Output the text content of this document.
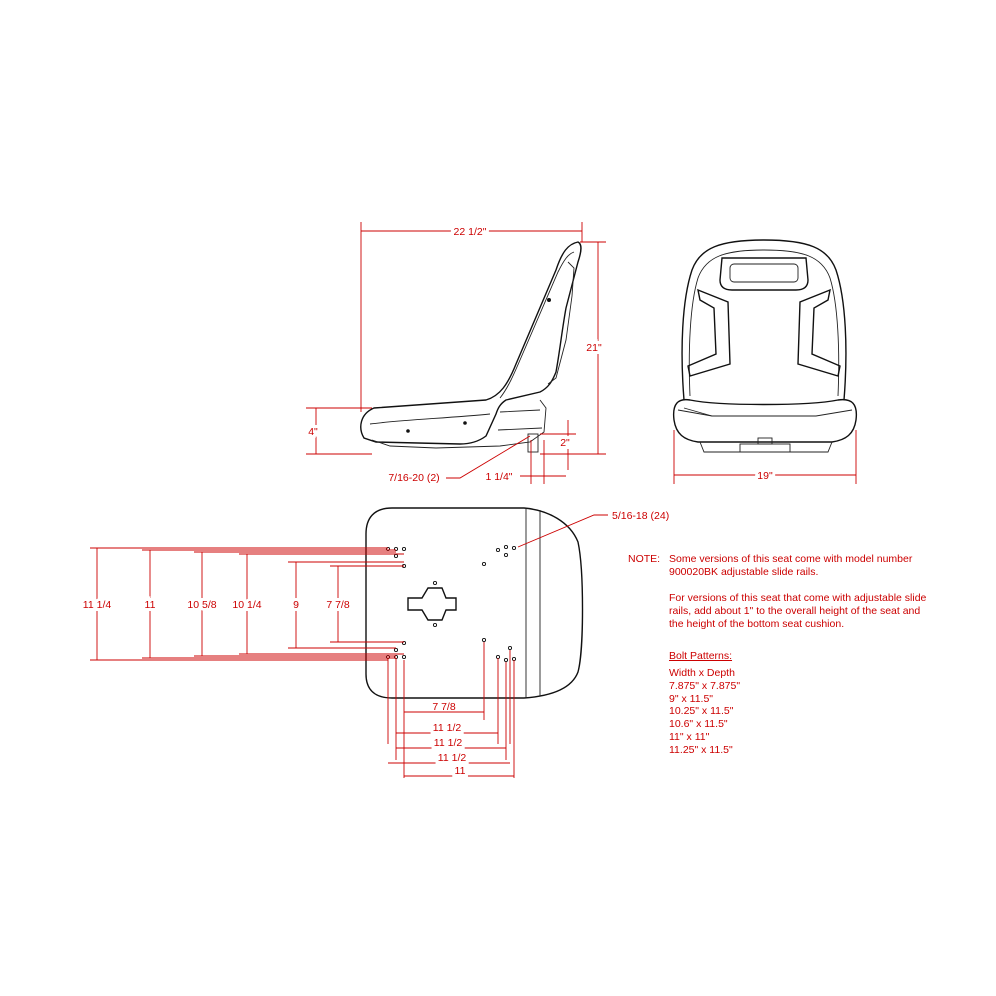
22 1/2"
21"
4"
2"
1 1/4"
7/16-20 (2)	19"
5/16-18 (24)
11 1/4	11	10 5/8 10 1/4	9	7 7/8
7 7/8
11 1/2
11 1/2
11 1/2
11
NOTE: Some versions of this seat come with model number 900020BK adjustable slide rails.

For versions of this seat that come with adjustable slide rails, add about 1" to the overall height of the seat and the height of the bottom seat cushion.

Bolt Patterns:
Width x Depth
7.875" x 7.875"
9" x 11.5"
10.25" x 11.5"
10.6" x 11.5"
11" x 11"
11.25" x 11.5"
